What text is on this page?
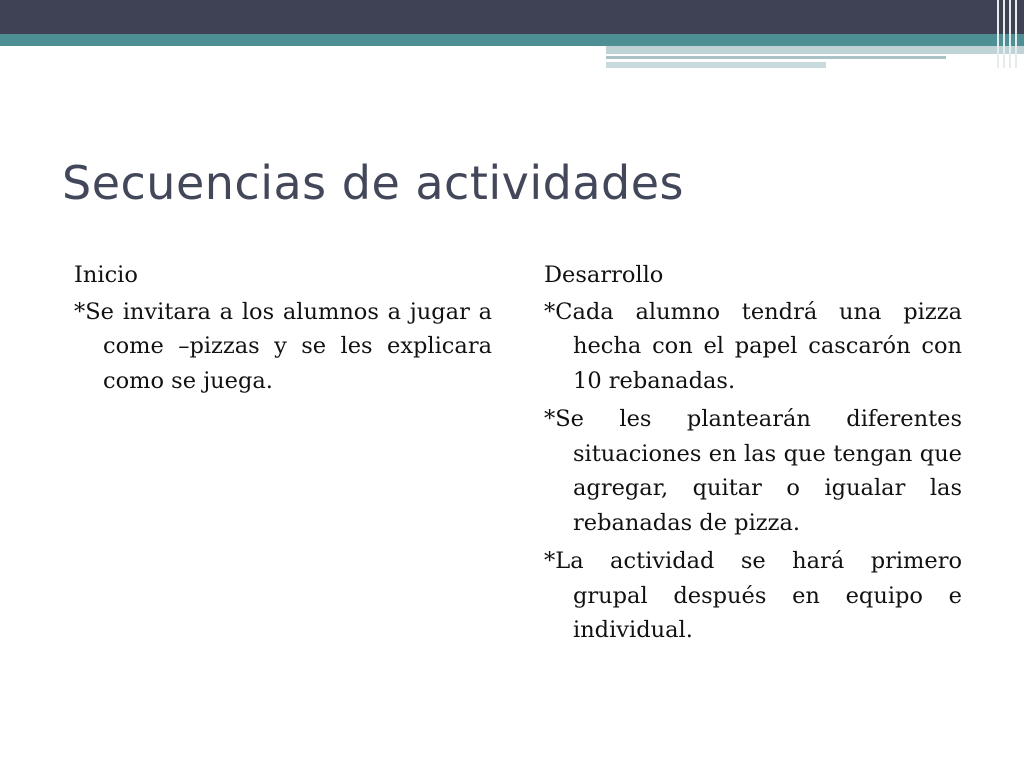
Secuencias de actividades
Inicio
*Se invitara a los alumnos a jugar a come –pizzas y se les explicara como se juega.
Desarrollo
*Cada alumno tendrá una pizza hecha con el papel cascarón con 10 rebanadas.
*Se les plantearán diferentes situaciones en las que tengan que agregar, quitar o igualar las rebanadas de pizza.
*La actividad se hará primero grupal después en equipo e individual.
